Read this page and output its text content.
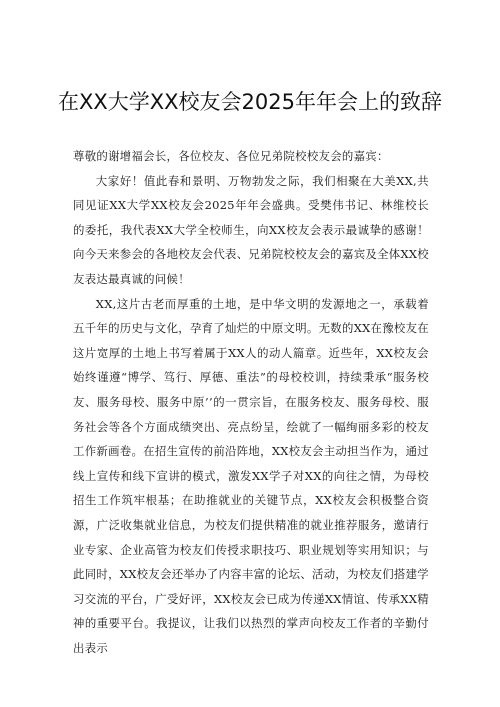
在XX大学XX校友会2025年年会上的致辞

尊敬的谢增福会长，各位校友、各位兄弟院校校友会的嘉宾：

大家好！值此春和景明、万物勃发之际，我们相聚在大美XX,共同见证XX大学XX校友会2025年年会盛典。受樊伟书记、林维校长的委托，我代表XX大学全校师生，向XX校友会表示最诚挚的感谢！向今天来参会的各地校友会代表、兄弟院校校友会的嘉宾及全体XX校友表达最真诚的问候！

XX,这片古老而厚重的土地，是中华文明的发源地之一，承载着五千年的历史与文化，孕育了灿烂的中原文明。无数的XX在豫校友在这片宽厚的土地上书写着属于XX人的动人篇章。近些年，XX校友会始终谨遵“博学、笃行、厚德、重法”的母校校训，持续秉承“服务校友、服务母校、服务中原’’的一贯宗旨，在服务校友、服务母校、服务社会等各个方面成绩突出、亮点纷呈，绘就了一幅绚丽多彩的校友工作新画卷。在招生宣传的前沿阵地，XX校友会主动担当作为，通过线上宣传和线下宣讲的模式，激发XX学子对XX的向往之情，为母校招生工作筑牢根基；在助推就业的关键节点，XX校友会积极整合资源，广泛收集就业信息，为校友们提供精准的就业推荐服务，邀请行业专家、企业高管为校友们传授求职技巧、职业规划等实用知识；与此同时，XX校友会还举办了内容丰富的论坛、活动，为校友们搭建学习交流的平台，广受好评，XX校友会已成为传递XX情谊、传承XX精神的重要平台。我提议，让我们以热烈的掌声向校友工作者的辛勤付出表示
